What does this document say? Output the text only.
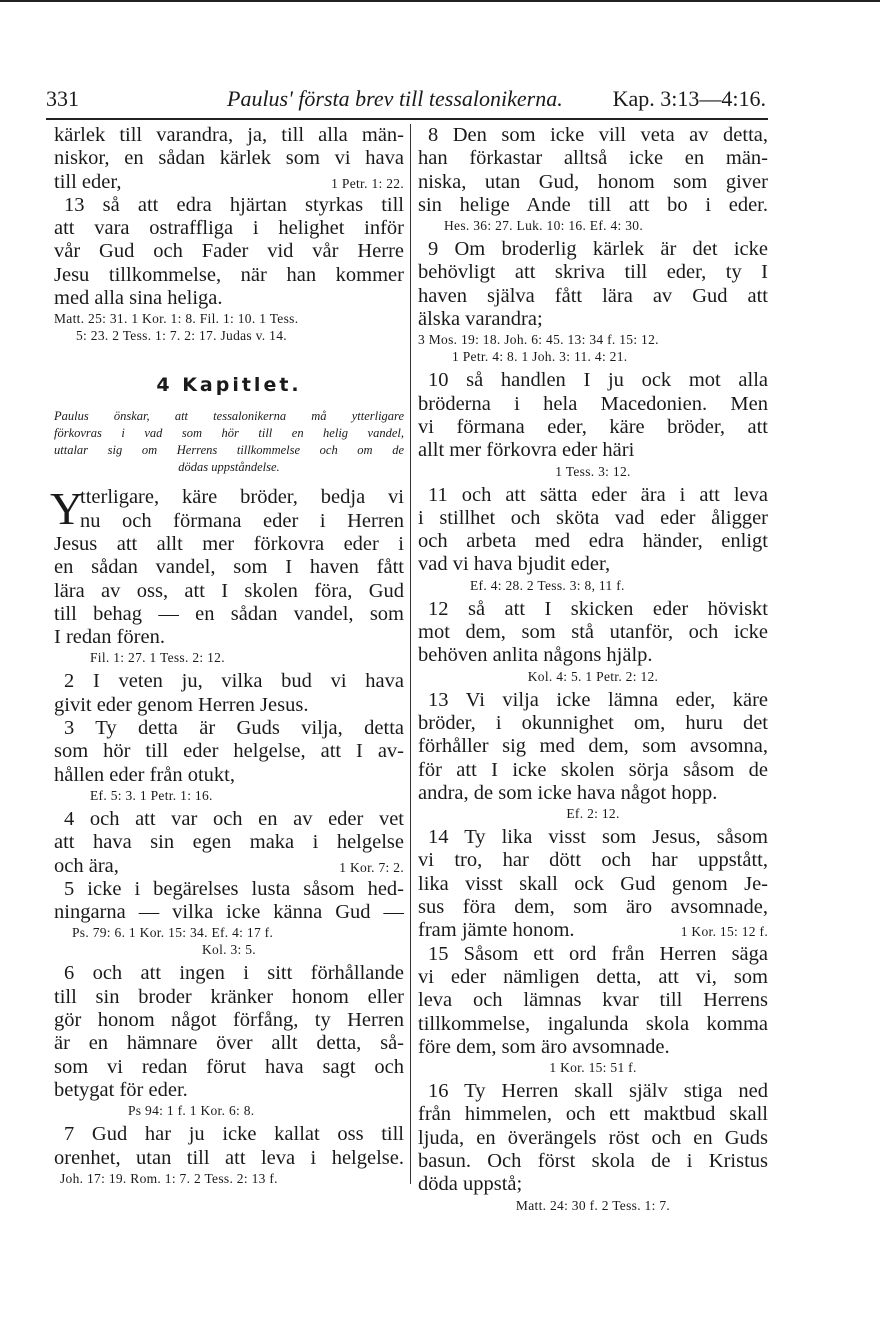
331	Paulus' första brev till tessalonikerna. Kap. 3:13—4:16.
kärlek till varandra, ja, till alla män-
niskor, en sådan kärlek som vi hava
till eder,	1 Petr. 1: 22.
13 så att edra hjärtan styrkas till
att vara ostraffliga i helighet inför
vår Gud och Fader vid vår Herre
Jesu tillkommelse, när han kommer
med alla sina heliga.
Matt. 25: 31. 1 Kor. 1: 8. Fil. 1: 10. 1 Tess.
5: 23. 2 Tess. 1: 7. 2: 17. Judas v. 14.
4 Kapitlet.
Paulus önskar, att tessalonikerna må ytterligare
förkovras i vad som hör till en helig vandel,
uttalar sig om Herrens tillkommelse och om de
dödas uppståndelse.
Y
tterligare, käre bröder, bedja vi
nu och förmana eder i Herren
Jesus att allt mer förkovra eder i
en sådan vandel, som I haven fått
lära av oss, att I skolen föra, Gud
till behag — en sådan vandel, som
I redan fören.
Fil. 1: 27. 1 Tess. 2: 12.
2 I veten ju, vilka bud vi hava
givit eder genom Herren Jesus.
3 Ty detta är Guds vilja, detta
som hör till eder helgelse, att I av-
hållen eder från otukt,
Ef. 5: 3. 1 Petr. 1: 16.
4 och att var och en av eder vet
att hava sin egen maka i helgelse
och ära,	1 Kor. 7: 2.
5 icke i begärelses lusta såsom hed-
ningarna — vilka icke känna Gud —
Ps. 79: 6. 1 Kor. 15: 34. Ef. 4: 17 f.
Kol. 3: 5.
6 och att ingen i sitt förhållande
till sin broder kränker honom eller
gör honom något förfång, ty Herren
är en hämnare över allt detta, så-
som vi redan förut hava sagt och
betygat för eder.
Ps 94: 1 f. 1 Kor. 6: 8.
7 Gud har ju icke kallat oss till
orenhet, utan till att leva i helgelse.
Joh. 17: 19. Rom. 1: 7. 2 Tess. 2: 13 f.
8 Den som icke vill veta av detta,
han förkastar alltså icke en män-
niska, utan Gud, honom som giver
sin helige Ande till att bo i eder.
Hes. 36: 27. Luk. 10: 16. Ef. 4: 30.
9 Om broderlig kärlek är det icke
behövligt att skriva till eder, ty I
haven själva fått lära av Gud att
älska varandra;
3 Mos. 19: 18. Joh. 6: 45. 13: 34 f. 15: 12.
1 Petr. 4: 8. 1 Joh. 3: 11. 4: 21.
10 så handlen I ju ock mot alla
bröderna i hela Macedonien. Men
vi förmana eder, käre bröder, att
allt mer förkovra eder häri
1 Tess. 3: 12.
11 och att sätta eder ära i att leva
i stillhet och sköta vad eder åligger
och arbeta med edra händer, enligt
vad vi hava bjudit eder,
Ef. 4: 28. 2 Tess. 3: 8, 11 f.
12 så att I skicken eder höviskt
mot dem, som stå utanför, och icke
behöven anlita någons hjälp.
Kol. 4: 5. 1 Petr. 2: 12.
13 Vi vilja icke lämna eder, käre
bröder, i okunnighet om, huru det
förhåller sig med dem, som avsomna,
för att I icke skolen sörja såsom de
andra, de som icke hava något hopp.
Ef. 2: 12.
14 Ty lika visst som Jesus, såsom
vi tro, har dött och har uppstått,
lika visst skall ock Gud genom Je-
sus föra dem, som äro avsomnade,
fram jämte honom.	1 Kor. 15: 12 f.
15 Såsom ett ord från Herren säga
vi eder nämligen detta, att vi, som
leva och lämnas kvar till Herrens
tillkommelse, ingalunda skola komma
före dem, som äro avsomnade.
1 Kor. 15: 51 f.
16 Ty Herren skall själv stiga ned
från himmelen, och ett maktbud skall
ljuda, en överängels röst och en Guds
basun. Och först skola de i Kristus
döda uppstå;
Matt. 24: 30 f. 2 Tess. 1: 7.
